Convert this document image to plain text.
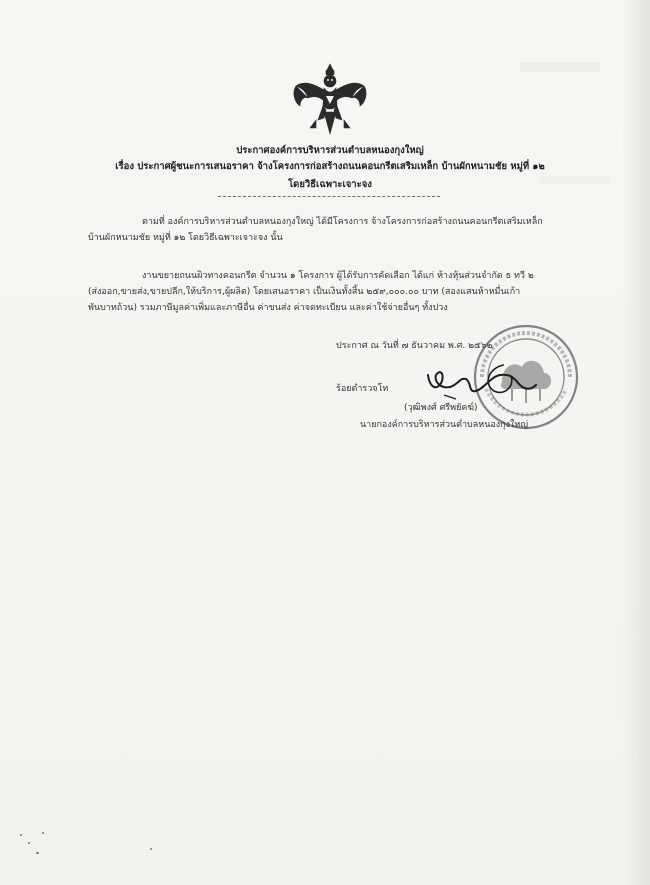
ประกาศองค์การบริหารส่วนตำบลหนองกุงใหญ่
เรื่อง ประกาศผู้ชนะการเสนอราคา จ้างโครงการก่อสร้างถนนคอนกรีตเสริมเหล็ก บ้านผักหนามชัย หมู่ที่ ๑๒
โดยวิธีเฉพาะเจาะจง
ตามที่ องค์การบริหารส่วนตำบลหนองกุงใหญ่ ได้มีโครงการ จ้างโครงการก่อสร้างถนนคอนกรีตเสริมเหล็ก
บ้านผักหนามชัย หมู่ที่ ๑๒ โดยวิธีเฉพาะเจาะจง นั้น
งานขยายถนนผิวทางคอนกรีต จำนวน ๑ โครงการ ผู้ได้รับการคัดเลือก ได้แก่ ห้างหุ้นส่วนจำกัด ธ ทวี ๒
(ส่งออก,ขายส่ง,ขายปลีก,ให้บริการ,ผู้ผลิต) โดยเสนอราคา เป็นเงินทั้งสิ้น ๒๕๙,๐๐๐.๐๐ บาท (สองแสนห้าหมื่นเก้า
พันบาทถ้วน) รวมภาษีมูลค่าเพิ่มและภาษีอื่น ค่าขนส่ง ค่าจดทะเบียน และค่าใช้จ่ายอื่นๆ ทั้งปวง
ประกาศ ณ วันที่ ๗ ธันวาคม พ.ศ. ๒๕๖๒
ร้อยตำรวจโท
(วุฒิพงศ์ ศรีพยัคฆ์)
นายกองค์การบริหารส่วนตำบลหนองกุงใหญ่
